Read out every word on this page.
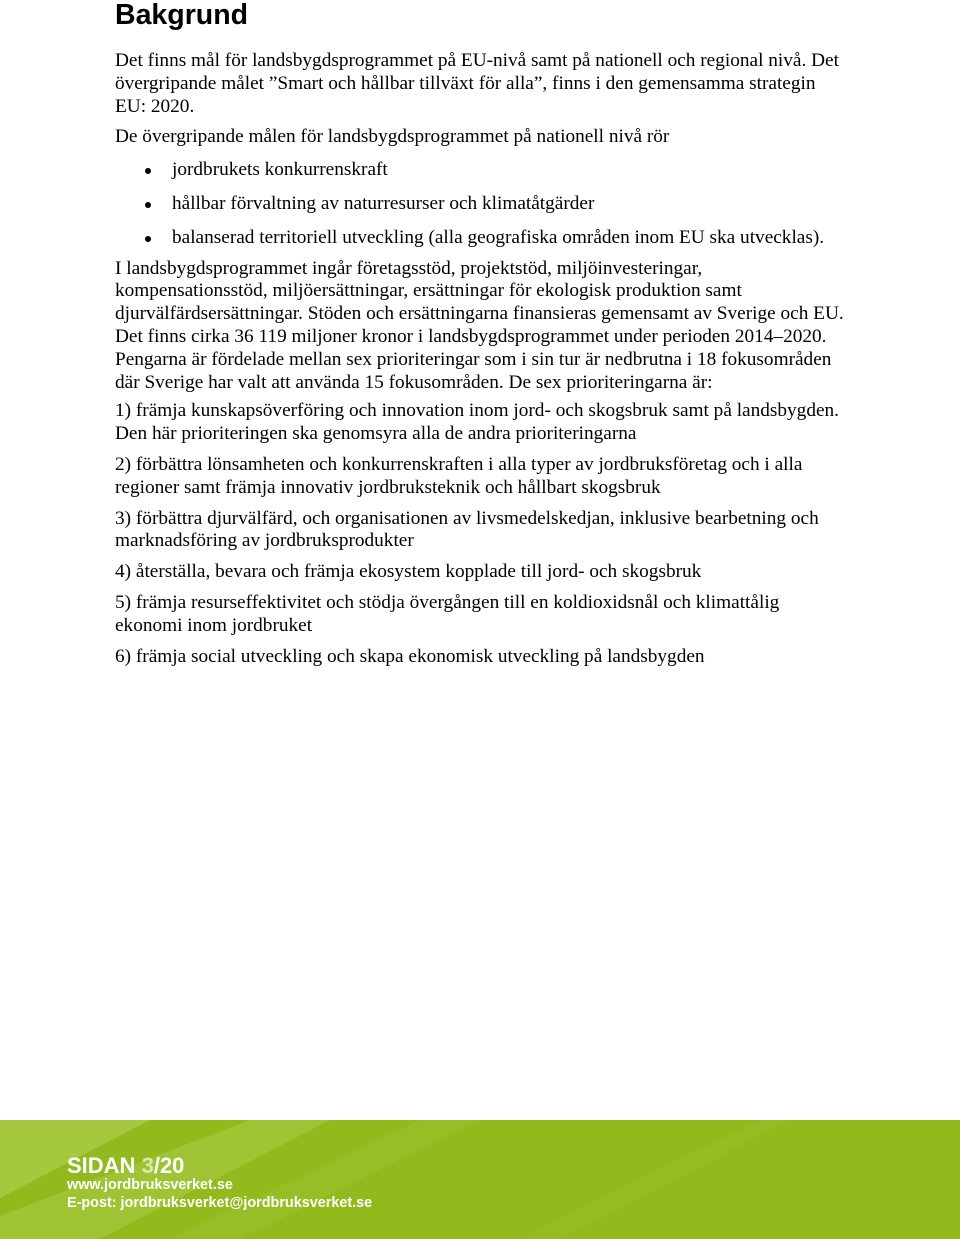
Bakgrund

Det finns mål för landsbygdsprogrammet på EU-nivå samt på nationell och regional nivå. Det övergripande målet ”Smart och hållbar tillväxt för alla”, finns i den gemensamma strategin EU: 2020.

De övergripande målen för landsbygdsprogrammet på nationell nivå rör

jordbrukets konkurrenskraft
hållbar förvaltning av naturresurser och klimatåtgärder
balanserad territoriell utveckling (alla geografiska områden inom EU ska utvecklas).

I landsbygdsprogrammet ingår företagsstöd, projektstöd, miljöinvesteringar, kompensationsstöd, miljöersättningar, ersättningar för ekologisk produktion samt djurvälfärdsersättningar. Stöden och ersättningarna finansieras gemensamt av Sverige och EU. Det finns cirka 36 119 miljoner kronor i landsbygdsprogrammet under perioden 2014–2020. Pengarna är fördelade mellan sex prioriteringar som i sin tur är nedbrutna i 18 fokusområden där Sverige har valt att använda 15 fokusområden. De sex prioriteringarna är:

1) främja kunskapsöverföring och innovation inom jord- och skogsbruk samt på landsbygden. Den här prioriteringen ska genomsyra alla de andra prioriteringarna

2) förbättra lönsamheten och konkurrenskraften i alla typer av jordbruksföretag och i alla regioner samt främja innovativ jordbruksteknik och hållbart skogsbruk

3) förbättra djurvälfärd, och organisationen av livsmedelskedjan, inklusive bearbetning och marknadsföring av jordbruksprodukter

4) återställa, bevara och främja ekosystem kopplade till jord- och skogsbruk

5) främja resurseffektivitet och stödja övergången till en koldioxidsnål och klimattålig ekonomi inom jordbruket

6) främja social utveckling och skapa ekonomisk utveckling på landsbygden

SIDAN 3/20

www.jordbruksverket.se

E-post: jordbruksverket@jordbruksverket.se
